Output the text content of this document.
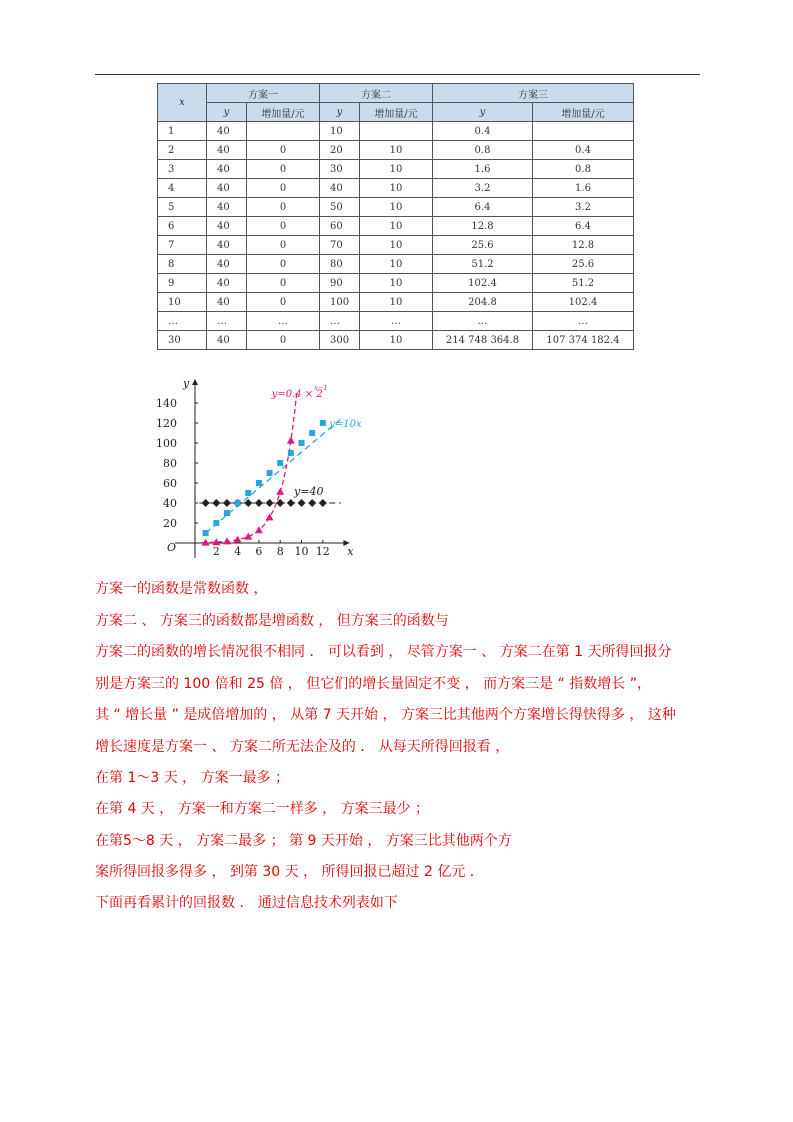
x	方案一		方案二		方案三	
	y	增加量/元	y	增加量/元	y	增加量/元
1	40		10		0.4	
2	40	0	20	10	0.8	0.4
3	40	0	30	10	1.6	0.8
4	40	0	40	10	3.2	1.6
5	40	0	50	10	6.4	3.2
6	40	0	60	10	12.8	6.4
7	40	0	70	10	25.6	12.8
8	40	0	80	10	51.2	25.6
9	40	0	90	10	102.4	51.2
10	40	0	100	10	204.8	102.4
…	…	…	…	…	…	…
30	40	0	300	10	214 748 364.8	107 374 182.4
x
y
O	2 4 6 8 10 12
20
40
60
80
100
120
140
y=40
y=10x
y=0.4 × 2
x−1
方案一的函数是常数函数 ，
方案二 、 方案三的函数都是增函数 ， 但方案三的函数与
方案二的函数的增长情况很不相同 ． 可以看到 ， 尽管方案一 、 方案二在第 1 天所得回报分
别是方案三的 100 倍和 25 倍 ， 但它们的增长量固定不变 ， 而方案三是 “ 指数增长 ”，
其 “ 增长量 ” 是成倍增加的 ， 从第 7 天开始 ， 方案三比其他两个方案增长得快得多 ， 这种
增长速度是方案一 、 方案二所无法企及的 ． 从每天所得回报看 ，
在第 1～3 天 ， 方案一最多 ；
在第 4 天 ， 方案一和方案二一样多 ， 方案三最少 ；
在第5～8 天 ， 方案二最多 ； 第 9 天开始 ， 方案三比其他两个方
案所得回报多得多 ， 到第 30 天 ， 所得回报已超过 2 亿元 ．
下面再看累计的回报数 ． 通过信息技术列表如下
